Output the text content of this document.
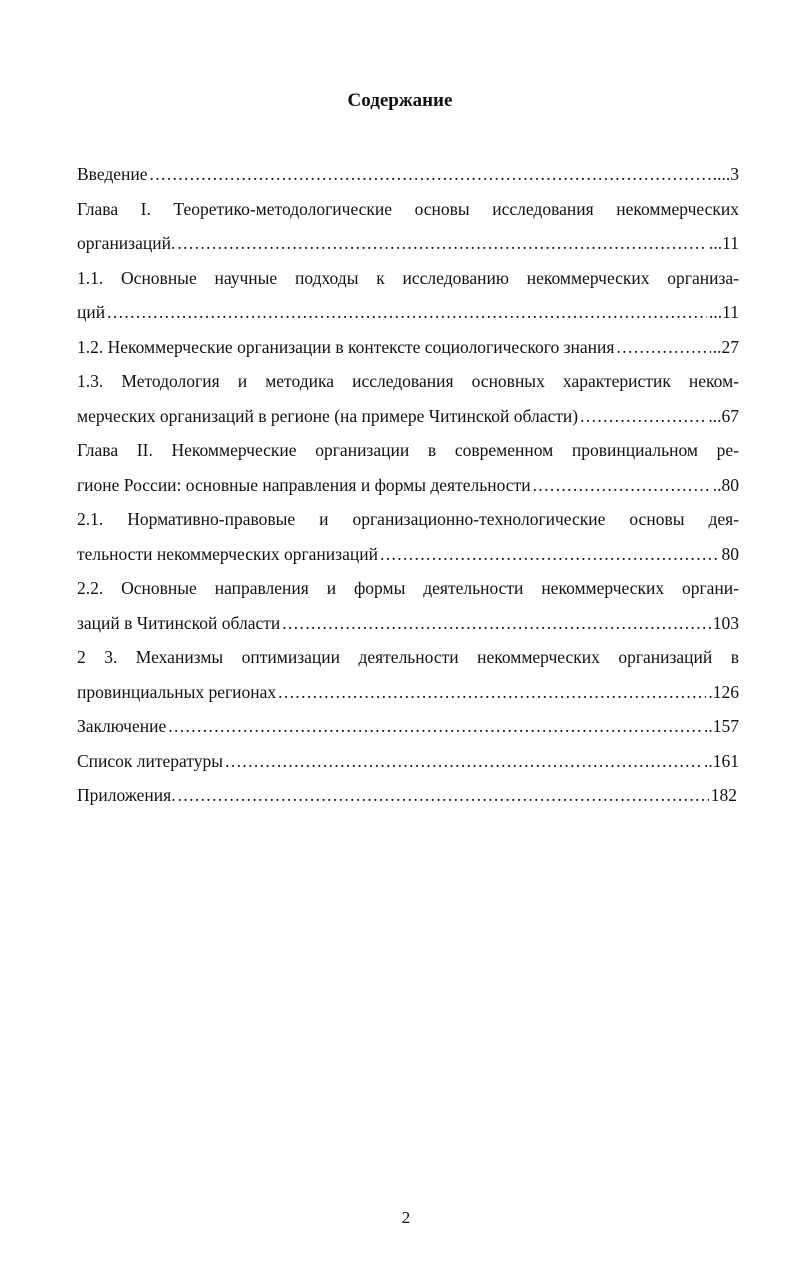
Содержание
Введение . . .	....3
Глава I. Теоретико-методологические основы исследования некоммерческих
организаций. . . .	...11
1.1. Основные научные подходы к исследованию некоммерческих организа-
ций . . .	...11
1.2. Некоммерческие организации в контексте социологического знания . . .	..27
1.3. Методология и методика исследования основных характеристик неком-
мерческих организаций в регионе (на примере Читинской области) . . .	...67
Глава II. Некоммерческие организации в современном провинциальном ре-
гионе России: основные направления и формы деятельности . . .	..80
2.1. Нормативно-правовые и организационно-технологические основы дея-
тельности некоммерческих организаций . . .	80
2.2. Основные направления и формы деятельности некоммерческих органи-
заций в Читинской области . . .	103
2 3. Механизмы оптимизации деятельности некоммерческих организаций в
провинциальных регионах . . .	.126
Заключение . . .	..157
Список литературы . . .	..161
Приложения. . . .	182
2
